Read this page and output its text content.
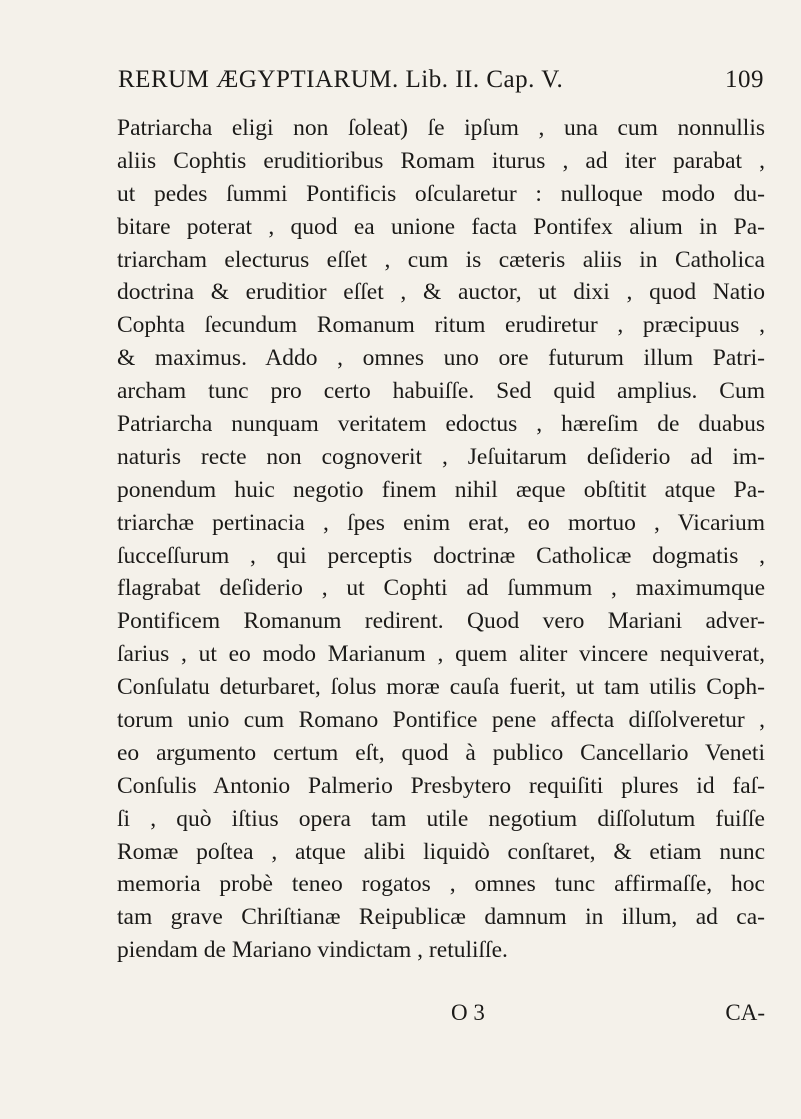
RERUM ÆGYPTIARUM. Lib. II. Cap. V.	109
Patriarcha eligi non ſoleat) ſe ipſum , una cum nonnullis
aliis Cophtis eruditioribus Romam iturus , ad iter parabat ,
ut pedes ſummi Pontificis oſcularetur : nulloque modo du-
bitare poterat , quod ea unione facta Pontifex alium in Pa-
triarcham electurus eſſet , cum is cæteris aliis in Catholica
doctrina & eruditior eſſet , & auctor, ut dixi , quod Natio
Cophta ſecundum Romanum ritum erudiretur , præcipuus ,
& maximus. Addo , omnes uno ore futurum illum Patri-
archam tunc pro certo habuiſſe. Sed quid amplius. Cum
Patriarcha nunquam veritatem edoctus , hæreſim de duabus
naturis recte non cognoverit , Jeſuitarum deſiderio ad im-
ponendum huic negotio finem nihil æque obſtitit atque Pa-
triarchæ pertinacia , ſpes enim erat, eo mortuo , Vicarium
ſucceſſurum , qui perceptis doctrinæ Catholicæ dogmatis ,
flagrabat deſiderio , ut Cophti ad ſummum , maximumque
Pontificem Romanum redirent. Quod vero Mariani adver-
ſarius , ut eo modo Marianum , quem aliter vincere nequiverat,
Conſulatu deturbaret, ſolus moræ cauſa fuerit, ut tam utilis Coph-
torum unio cum Romano Pontifice pene affecta diſſolveretur ,
eo argumento certum eſt, quod à publico Cancellario Veneti
Conſulis Antonio Palmerio Presbytero requiſiti plures id faſ-
ſi , quò iſtius opera tam utile negotium diſſolutum fuiſſe
Romæ poſtea , atque alibi liquidò conſtaret, & etiam nunc
memoria probè teneo rogatos , omnes tunc affirmaſſe, hoc
tam grave Chriſtianæ Reipublicæ damnum in illum, ad ca-
piendam de Mariano vindictam , retuliſſe.
O 3	CA-
